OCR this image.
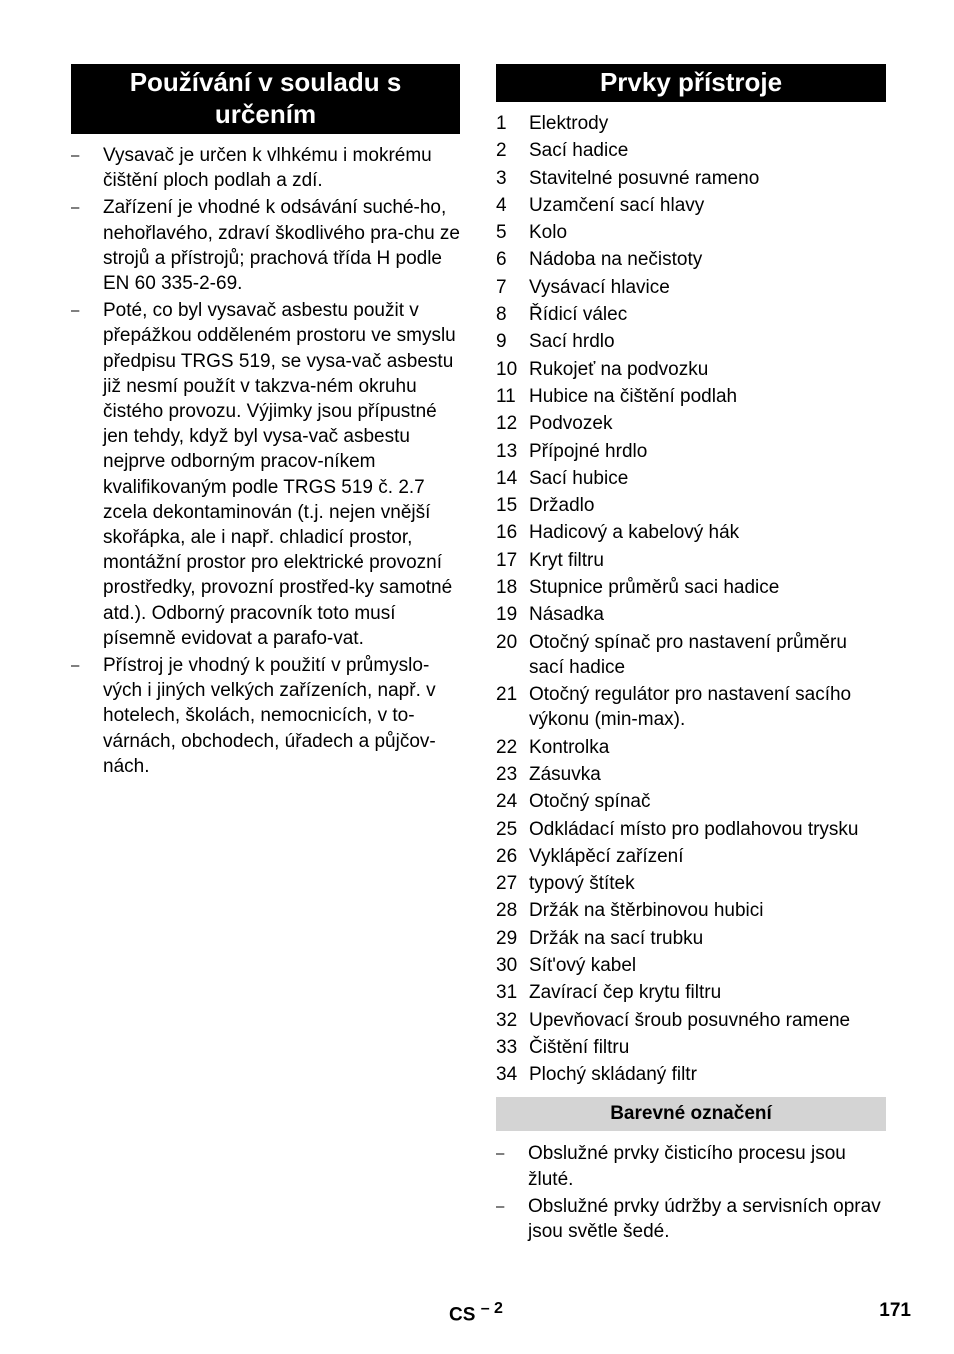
Používání v souladu s určením
– Vysavač je určen k vlhkému i mokrému čištění ploch podlah a zdí.
– Zařízení je vhodné k odsávání suché-ho, nehořlavého, zdraví škodlivého pra-chu ze strojů a přístrojů; prachová třída H podle EN 60 335-2-69.
– Poté, co byl vysavač asbestu použit v přepážkou odděleném prostoru ve smyslu předpisu TRGS 519, se vysa-vač asbestu již nesmí použít v takzva-ném okruhu čistého provozu. Výjimky jsou přípustné jen tehdy, když byl vysa-vač asbestu nejprve odborným pracov-níkem kvalifikovaným podle TRGS 519 č. 2.7 zcela dekontaminován (t.j. nejen vnější skořápka, ale i např. chladicí prostor, montážní prostor pro elektrické provozní prostředky, provozní prostřed-ky samotné atd.). Odborný pracovník toto musí písemně evidovat a parafo-vat.
– Přístroj je vhodný k použití v průmyslo-vých i jiných velkých zařízeních, např. v hotelech, školách, nemocnicích, v to-várnách, obchodech, úřadech a půjčov-nách.
Prvky přístroje
1	Elektrody
2	Sací hadice
3	Stavitelné posuvné rameno
4	Uzamčení sací hlavy
5	Kolo
6	Nádoba na nečistoty
7	Vysávací hlavice
8	Řídicí válec
9	Sací hrdlo
10 Rukojeť na podvozku
11 Hubice na čištění podlah
12 Podvozek
13 Přípojné hrdlo
14 Sací hubice
15 Držadlo
16 Hadicový a kabelový hák
17 Kryt filtru
18 Stupnice průměrů saci hadice
19 Násadka
20 Otočný spínač pro nastavení průměru sací hadice
21 Otočný regulátor pro nastavení sacího výkonu (min-max).
22 Kontrolka
23 Zásuvka
24 Otočný spínač
25 Odkládací místo pro podlahovou trysku
26 Vyklápěcí zařízení
27 typový štítek
28 Držák na štěrbinovou hubici
29 Držák na sací trubku
30 Sít'ový kabel
31 Zavírací čep krytu filtru
32 Upevňovací šroub posuvného ramene
33 Čištění filtru
34 Plochý skládaný filtr
Barevné označení
– Obslužné prvky čisticího procesu jsou žluté.
– Obslužné prvky údržby a servisních oprav jsou světle šedé.
CS $^{- 2}$	171
